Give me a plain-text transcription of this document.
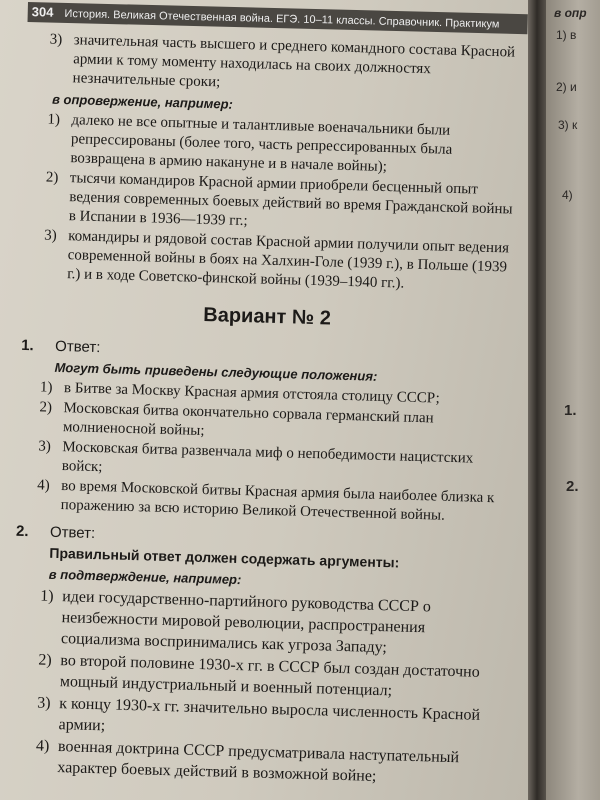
304 История. Великая Отечественная война. ЕГЭ. 10–11 классы. Справочник. Практикум
3) значительная часть высшего и среднего командного состава Красной армии к тому моменту находилась на своих должностях незначительные сроки;
в опровержение, например:
1) далеко не все опытные и талантливые военачальники были репрессированы (более того, часть репрессированных была возвращена в армию накануне и в начале войны);
2) тысячи командиров Красной армии приобрели бесценный опыт ведения современных боевых действий во время Гражданской войны в Испании в 1936—1939 гг.;
3) командиры и рядовой состав Красной армии получили опыт ведения современной войны в боях на Халхин-Голе (1939 г.), в Польше (1939 г.) и в ходе Советско-финской войны (1939–1940 гг.).
Вариант № 2
1. Ответ:
Могут быть приведены следующие положения:
1) в Битве за Москву Красная армия отстояла столицу СССР;
2) Московская битва окончательно сорвала германский план молниеносной войны;
3) Московская битва развенчала миф о непобедимости нацистских войск;
4) во время Московской битвы Красная армия была наиболее близка к поражению за всю историю Великой Отечественной войны.
2. Ответ:
Правильный ответ должен содержать аргументы:
в подтверждение, например:
1) идеи государственно-партийного руководства СССР о неизбежности мировой революции, распространения социализма воспринимались как угроза Западу;
2) во второй половине 1930-х гг. в СССР был создан достаточно мощный индустриальный и военный потенциал;
3) к концу 1930-х гг. значительно выросла численность Красной армии;
4) военная доктрина СССР предусматривала наступательный характер боевых действий в возможной войне;
в опр
1) в
2) и
3) к
4)
1.
2.
